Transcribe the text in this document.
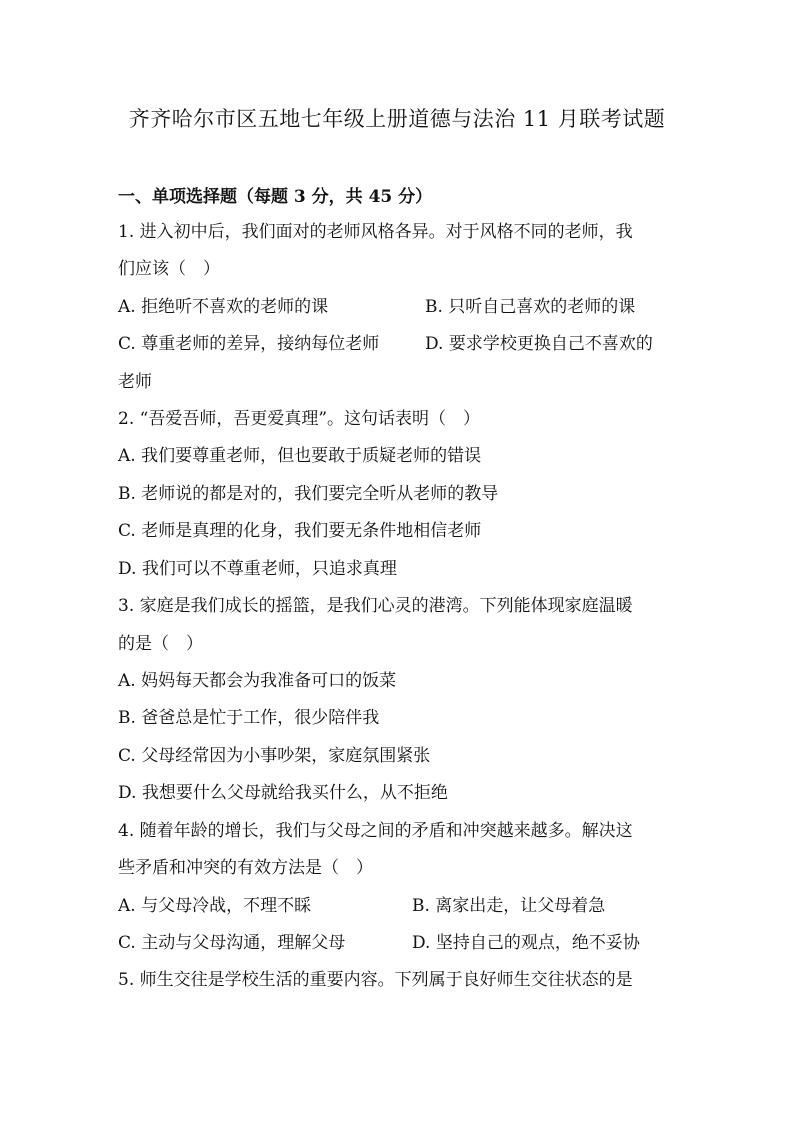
齐齐哈尔市区五地七年级上册道德与法治 11 月联考试题
一、单项选择题（每题 3 分，共 45 分）
1. 进入初中后，我们面对的老师风格各异。对于风格不同的老师，我
们应该（　）
A. 拒绝听不喜欢的老师的课	B. 只听自己喜欢的老师的课
C. 尊重老师的差异，接纳每位老师	D. 要求学校更换自己不喜欢的
老师
2. “吾爱吾师，吾更爱真理”。这句话表明（　）
A. 我们要尊重老师，但也要敢于质疑老师的错误
B. 老师说的都是对的，我们要完全听从老师的教导
C. 老师是真理的化身，我们要无条件地相信老师
D. 我们可以不尊重老师，只追求真理
3. 家庭是我们成长的摇篮，是我们心灵的港湾。下列能体现家庭温暖
的是（　）
A. 妈妈每天都会为我准备可口的饭菜
B. 爸爸总是忙于工作，很少陪伴我
C. 父母经常因为小事吵架，家庭氛围紧张
D. 我想要什么父母就给我买什么，从不拒绝
4. 随着年龄的增长，我们与父母之间的矛盾和冲突越来越多。解决这
些矛盾和冲突的有效方法是（　）
A. 与父母冷战，不理不睬	B. 离家出走，让父母着急
C. 主动与父母沟通，理解父母	D. 坚持自己的观点，绝不妥协
5. 师生交往是学校生活的重要内容。下列属于良好师生交往状态的是
